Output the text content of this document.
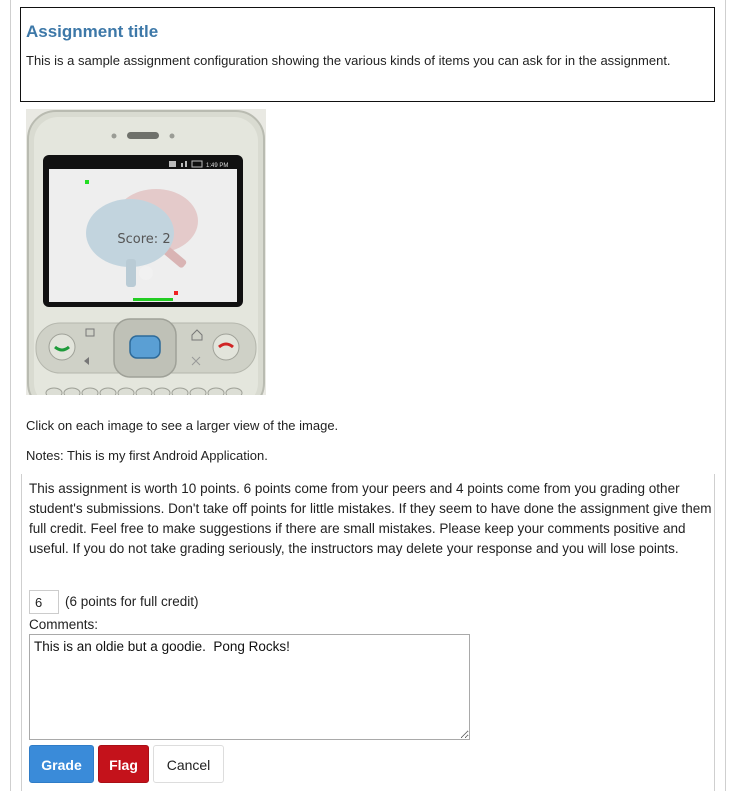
Assignment title
This is a sample assignment configuration showing the various kinds of items you can ask for in the assignment.
1:49 PM
Score: 2
Click on each image to see a larger view of the image.
Notes: This is my first Android Application.
This assignment is worth 10 points. 6 points come from your peers and 4 points come from you grading other student's submissions. Don't take off points for little mistakes. If they seem to have done the assignment give them full credit. Feel free to make suggestions if there are small mistakes. Please keep your comments positive and useful. If you do not take grading seriously, the instructors may delete your response and you will lose points.
6
(6 points for full credit)
Comments:
This is an oldie but a goodie. Pong Rocks!
Grade	Flag	Cancel
